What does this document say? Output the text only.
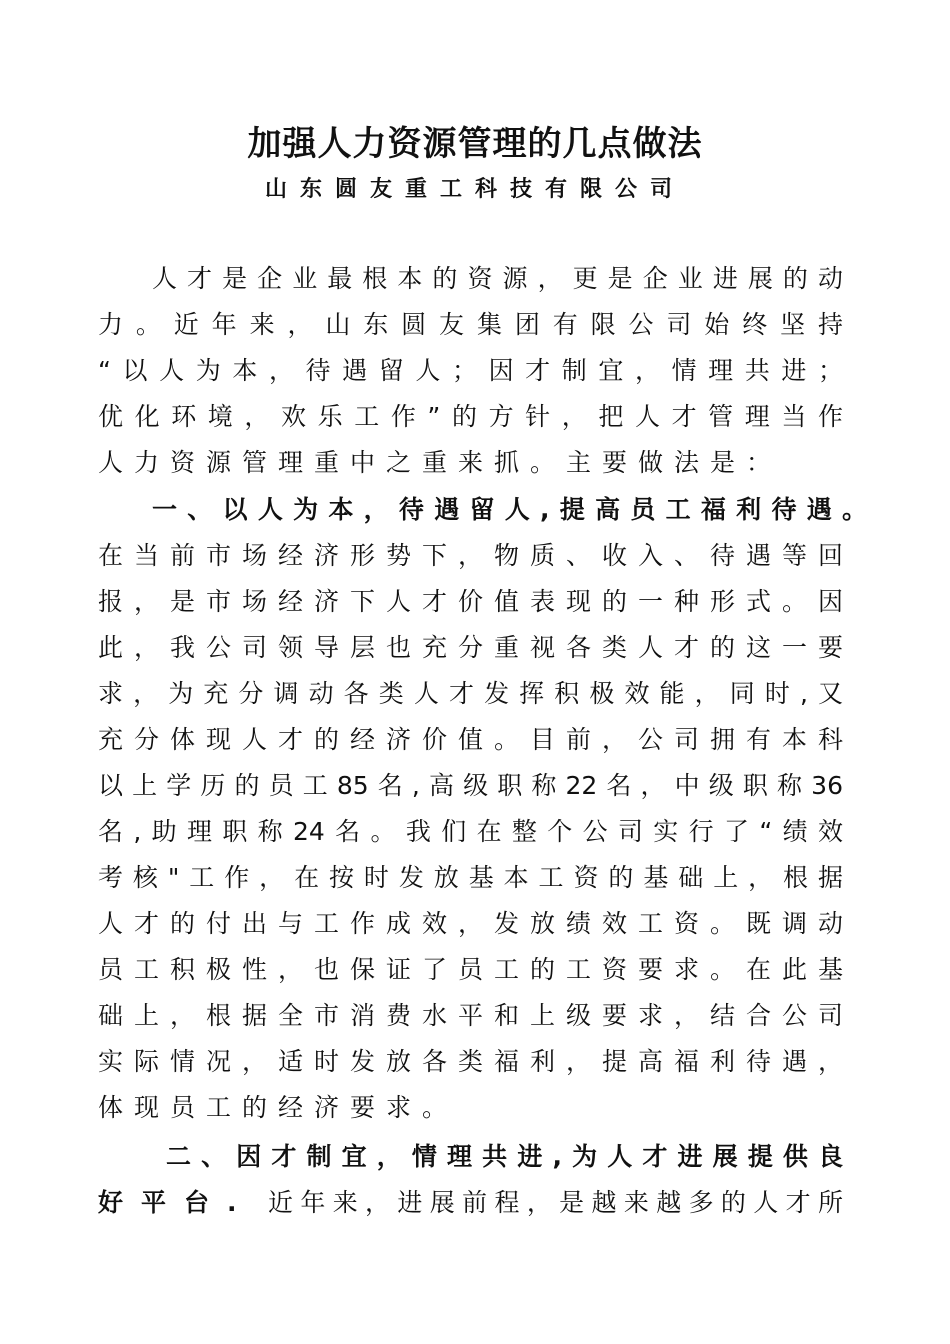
加强人力资源管理的几点做法
山东圆友重工科技有限公司
人才是企业最根本的资源，更是企业进展的动
力。近年来，山东圆友集团有限公司始终坚持
“以人为本，待遇留人；因才制宜，情理共进；
优化环境，欢乐工作”的方针，把人才管理当作
人力资源管理重中之重来抓。主要做法是：
一、以人为本，待遇留人,提高员工福利待遇。
在当前市场经济形势下，物质、收入、待遇等回
报，是市场经济下人才价值表现的一种形式。因
此，我公司领导层也充分重视各类人才的这一要
求，为充分调动各类人才发挥积极效能，同时,又
充分体现人才的经济价值。目前，公司拥有本科
以上学历的员工85名,高级职称22名，中级职称36
名,助理职称24名。我们在整个公司实行了“绩效
考核"工作，在按时发放基本工资的基础上，根据
人才的付出与工作成效，发放绩效工资。既调动
员工积极性，也保证了员工的工资要求。在此基
础上，根据全市消费水平和上级要求，结合公司
实际情况，适时发放各类福利，提高福利待遇，
体现员工的经济要求。
二、因才制宜，情理共进,为人才进展提供良
好平台. 近年来，进展前程，是越来越多的人才所
